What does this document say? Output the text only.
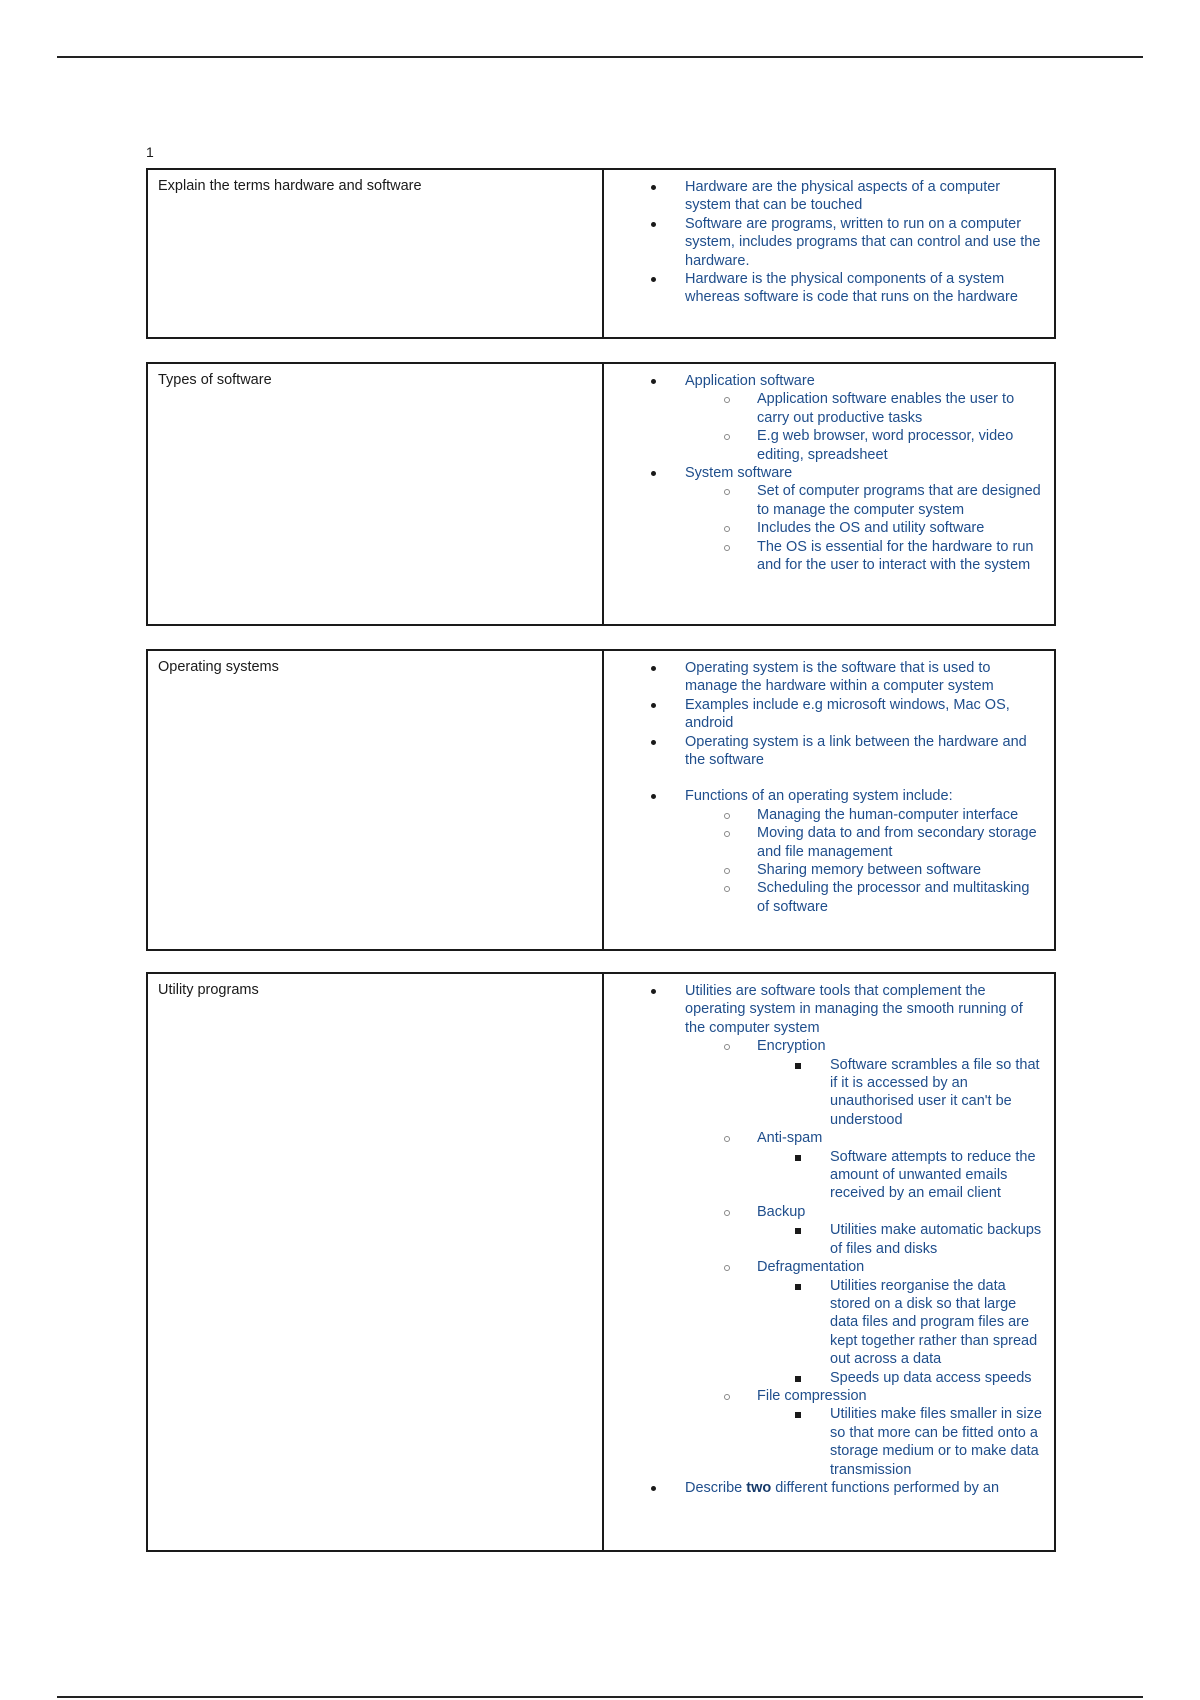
1
Explain the terms hardware and software	Hardware are the physical aspects of a computer system that can be touched
Software are programs, written to run on a computer system, includes programs that can control and use the hardware.
Hardware is the physical components of a system whereas software is code that runs on the hardware
Types of software	Application software
Application software enables the user to carry out productive tasks
E.g web browser, word processor, video editing, spreadsheet
System software
Set of computer programs that are designed to manage the computer system
Includes the OS and utility software
The OS is essential for the hardware to run and for the user to interact with the system
Operating systems	Operating system is the software that is used to manage the hardware within a computer system
Examples include e.g microsoft windows, Mac OS, android
Operating system is a link between the hardware and the software
Functions of an operating system include:
Managing the human-computer interface
Moving data to and from secondary storage and file management
Sharing memory between software
Scheduling the processor and multitasking of software
Utility programs	Utilities are software tools that complement the operating system in managing the smooth running of the computer system
Encryption
Software scrambles a file so that if it is accessed by an unauthorised user it can't be understood
Anti-spam
Software attempts to reduce the amount of unwanted emails received by an email client
Backup
Utilities make automatic backups of files and disks
Defragmentation
Utilities reorganise the data stored on a disk so that large data files and program files are kept together rather than spread out across a data
Speeds up data access speeds
File compression
Utilities make files smaller in size so that more can be fitted onto a storage medium or to make data transmission
Describe two different functions performed by an
